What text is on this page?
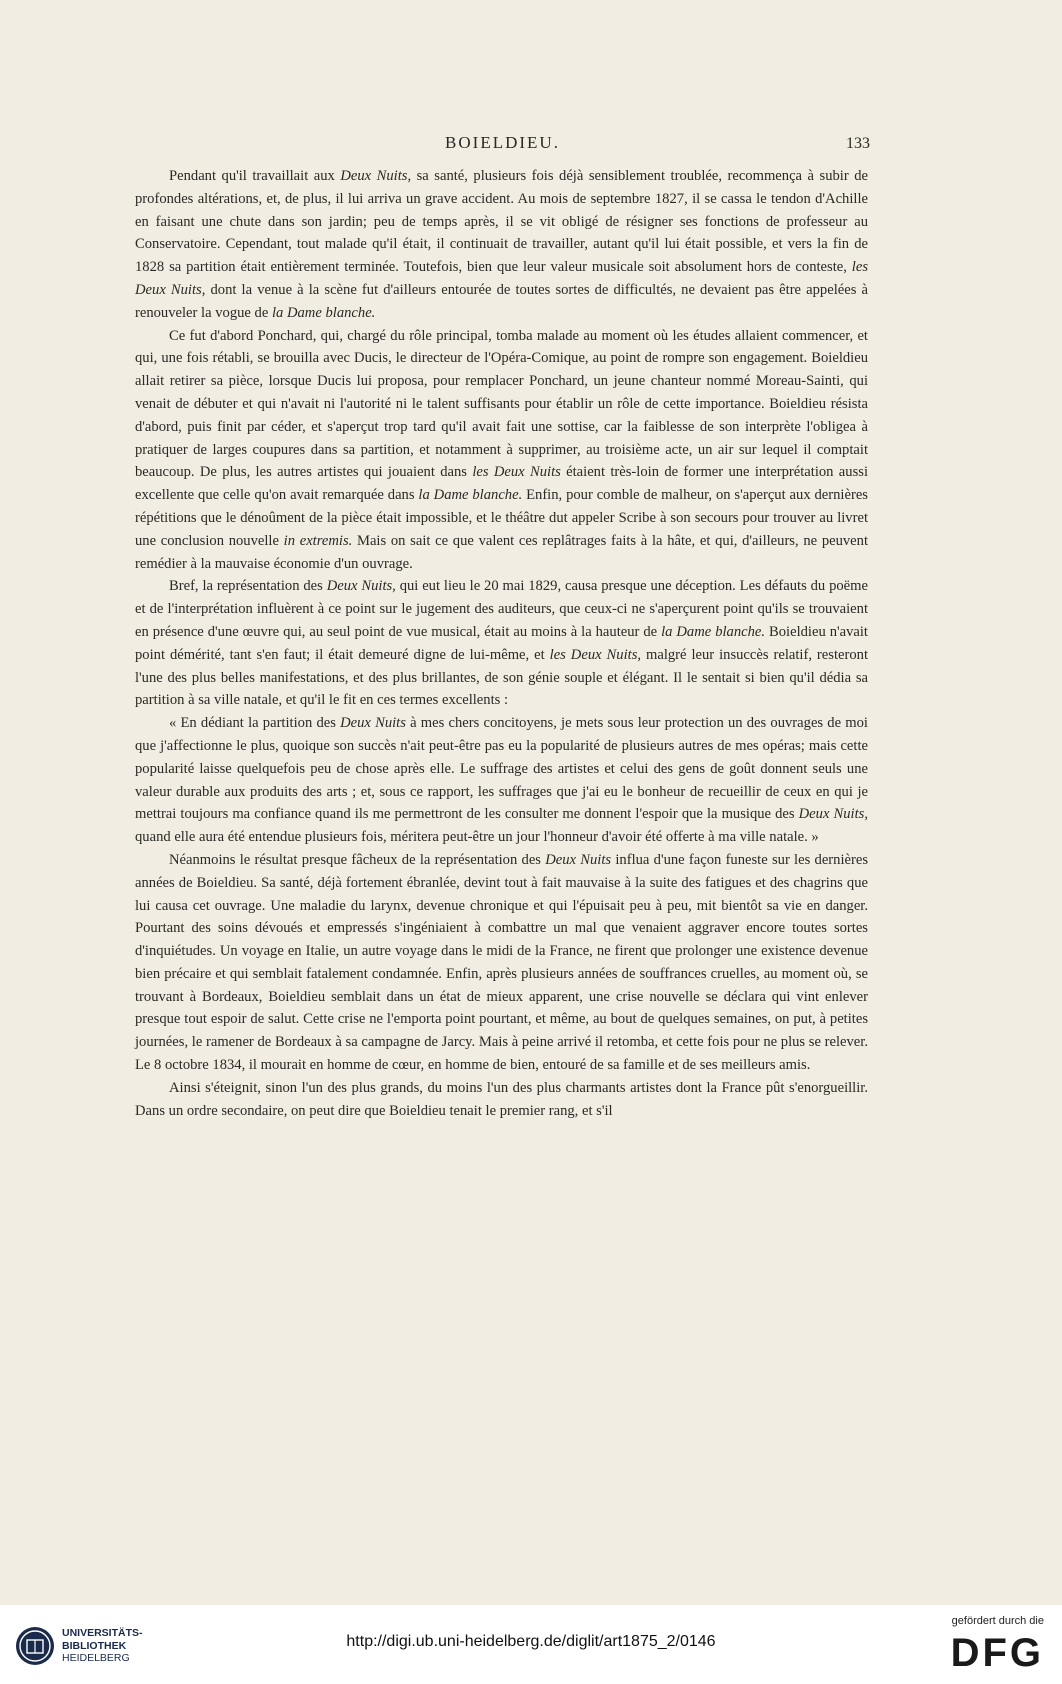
BOIELDIEU.	133

Pendant qu'il travaillait aux Deux Nuits, sa santé, plusieurs fois déjà sensiblement troublée, recommença à subir de profondes altérations, et, de plus, il lui arriva un grave accident. Au mois de septembre 1827, il se cassa le tendon d'Achille en faisant une chute dans son jardin; peu de temps après, il se vit obligé de résigner ses fonctions de professeur au Conservatoire. Cependant, tout malade qu'il était, il continuait de travailler, autant qu'il lui était possible, et vers la fin de 1828 sa partition était entièrement terminée. Toutefois, bien que leur valeur musicale soit absolument hors de conteste, les Deux Nuits, dont la venue à la scène fut d'ailleurs entourée de toutes sortes de difficultés, ne devaient pas être appelées à renouveler la vogue de la Dame blanche.

Ce fut d'abord Ponchard, qui, chargé du rôle principal, tomba malade au moment où les études allaient commencer, et qui, une fois rétabli, se brouilla avec Ducis, le directeur de l'Opéra-Comique, au point de rompre son engagement. Boieldieu allait retirer sa pièce, lorsque Ducis lui proposa, pour remplacer Ponchard, un jeune chanteur nommé Moreau-Sainti, qui venait de débuter et qui n'avait ni l'autorité ni le talent suffisants pour établir un rôle de cette importance. Boieldieu résista d'abord, puis finit par céder, et s'aperçut trop tard qu'il avait fait une sottise, car la faiblesse de son interprète l'obligea à pratiquer de larges coupures dans sa partition, et notamment à supprimer, au troisième acte, un air sur lequel il comptait beaucoup. De plus, les autres artistes qui jouaient dans les Deux Nuits étaient très-loin de former une interprétation aussi excellente que celle qu'on avait remarquée dans la Dame blanche. Enfin, pour comble de malheur, on s'aperçut aux dernières répétitions que le dénoûment de la pièce était impossible, et le théâtre dut appeler Scribe à son secours pour trouver au livret une conclusion nouvelle in extremis. Mais on sait ce que valent ces replâtrages faits à la hâte, et qui, d'ailleurs, ne peuvent remédier à la mauvaise économie d'un ouvrage.

Bref, la représentation des Deux Nuits, qui eut lieu le 20 mai 1829, causa presque une déception. Les défauts du poëme et de l'interprétation influèrent à ce point sur le jugement des auditeurs, que ceux-ci ne s'aperçurent point qu'ils se trouvaient en présence d'une œuvre qui, au seul point de vue musical, était au moins à la hauteur de la Dame blanche. Boieldieu n'avait point démérité, tant s'en faut; il était demeuré digne de lui-même, et les Deux Nuits, malgré leur insuccès relatif, resteront l'une des plus belles manifestations, et des plus brillantes, de son génie souple et élégant. Il le sentait si bien qu'il dédia sa partition à sa ville natale, et qu'il le fit en ces termes excellents :

« En dédiant la partition des Deux Nuits à mes chers concitoyens, je mets sous leur protection un des ouvrages de moi que j'affectionne le plus, quoique son succès n'ait peut-être pas eu la popularité de plusieurs autres de mes opéras; mais cette popularité laisse quelquefois peu de chose après elle. Le suffrage des artistes et celui des gens de goût donnent seuls une valeur durable aux produits des arts ; et, sous ce rapport, les suffrages que j'ai eu le bonheur de recueillir de ceux en qui je mettrai toujours ma confiance quand ils me permettront de les consulter me donnent l'espoir que la musique des Deux Nuits, quand elle aura été entendue plusieurs fois, méritera peut-être un jour l'honneur d'avoir été offerte à ma ville natale. »

Néanmoins le résultat presque fâcheux de la représentation des Deux Nuits influa d'une façon funeste sur les dernières années de Boieldieu. Sa santé, déjà fortement ébranlée, devint tout à fait mauvaise à la suite des fatigues et des chagrins que lui causa cet ouvrage. Une maladie du larynx, devenue chronique et qui l'épuisait peu à peu, mit bientôt sa vie en danger. Pourtant des soins dévoués et empressés s'ingéniaient à combattre un mal que venaient aggraver encore toutes sortes d'inquiétudes. Un voyage en Italie, un autre voyage dans le midi de la France, ne firent que prolonger une existence devenue bien précaire et qui semblait fatalement condamnée. Enfin, après plusieurs années de souffrances cruelles, au moment où, se trouvant à Bordeaux, Boieldieu semblait dans un état de mieux apparent, une crise nouvelle se déclara qui vint enlever presque tout espoir de salut. Cette crise ne l'emporta point pourtant, et même, au bout de quelques semaines, on put, à petites journées, le ramener de Bordeaux à sa campagne de Jarcy. Mais à peine arrivé il retomba, et cette fois pour ne plus se relever. Le 8 octobre 1834, il mourait en homme de cœur, en homme de bien, entouré de sa famille et de ses meilleurs amis.

Ainsi s'éteignit, sinon l'un des plus grands, du moins l'un des plus charmants artistes dont la France pût s'enorgueillir. Dans un ordre secondaire, on peut dire que Boieldieu tenait le premier rang, et s'il

UNIVERSITÄTS-
BIBLIOTHEK
HEIDELBERG
http://digi.ub.uni-heidelberg.de/diglit/art1875_2/0146
gefördert durch die
DFG
